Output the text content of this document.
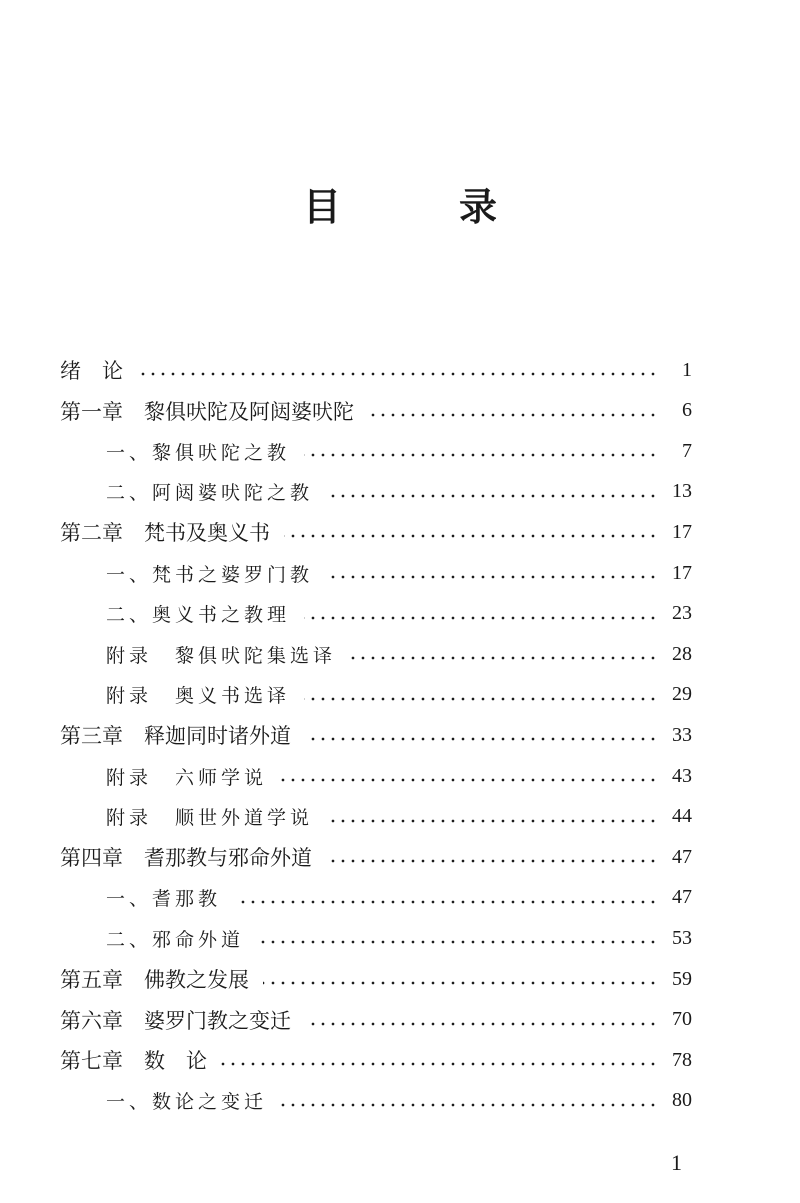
目　录
绪　论	1
第一章　黎俱吠陀及阿闼婆吠陀	6
一、黎俱吠陀之教	7
二、阿闼婆吠陀之教	13
第二章　梵书及奥义书	17
一、梵书之婆罗门教	17
二、奥义书之教理	23
附录　黎俱吠陀集选译	28
附录　奥义书选译	29
第三章　释迦同时诸外道	33
附录　六师学说	43
附录　顺世外道学说	44
第四章　耆那教与邪命外道	47
一、耆那教	47
二、邪命外道	53
第五章　佛教之发展	59
第六章　婆罗门教之变迁	70
第七章　数　论	78
一、数论之变迁	80
1
